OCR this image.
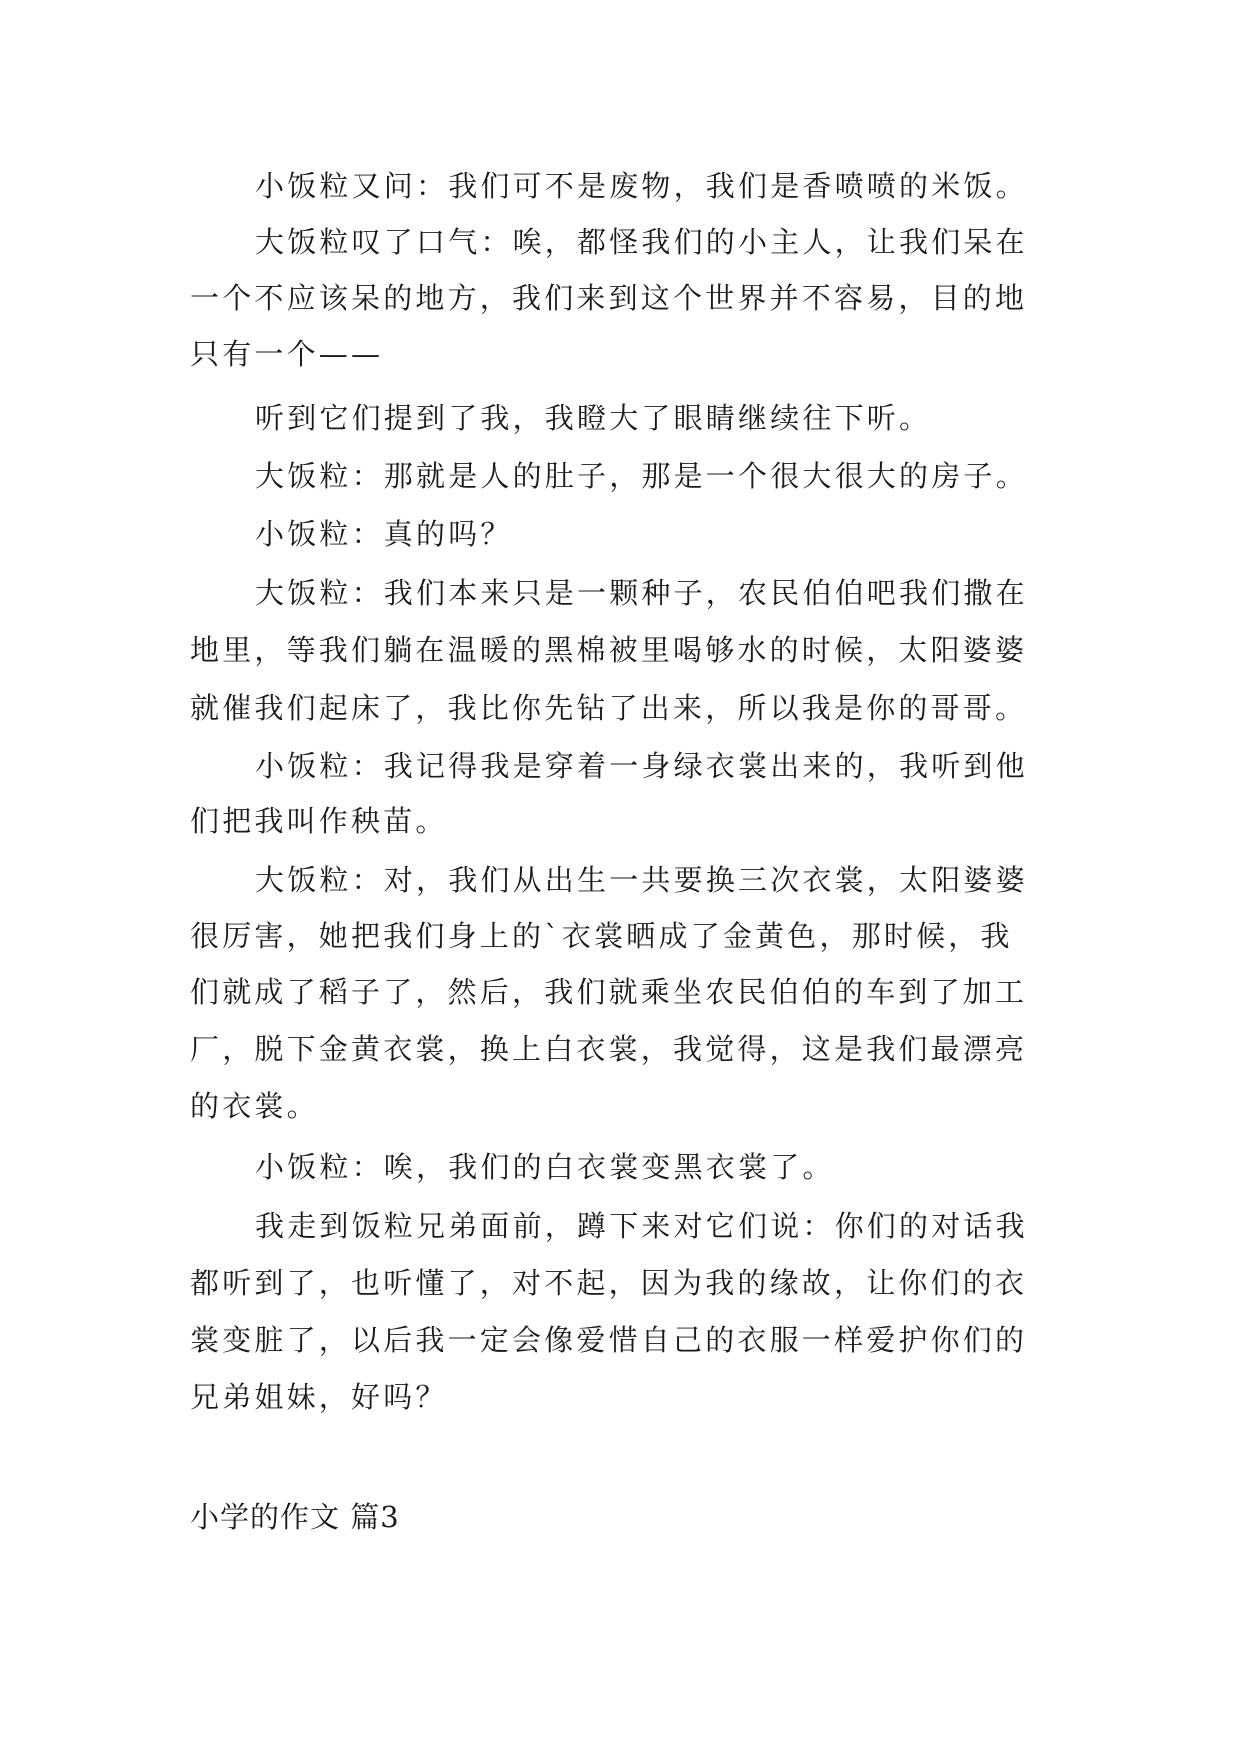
小饭粒又问：我们可不是废物，我们是香喷喷的米饭。
大饭粒叹了口气：唉，都怪我们的小主人，让我们呆在
一个不应该呆的地方，我们来到这个世界并不容易，目的地
只有一个——
听到它们提到了我，我瞪大了眼睛继续往下听。
大饭粒：那就是人的肚子，那是一个很大很大的房子。
小饭粒：真的吗？
大饭粒：我们本来只是一颗种子，农民伯伯吧我们撒在
地里，等我们躺在温暖的黑棉被里喝够水的时候，太阳婆婆
就催我们起床了，我比你先钻了出来，所以我是你的哥哥。
小饭粒：我记得我是穿着一身绿衣裳出来的，我听到他
们把我叫作秧苗。
大饭粒：对，我们从出生一共要换三次衣裳，太阳婆婆
很厉害，她把我们身上的`衣裳晒成了金黄色，那时候，我
们就成了稻子了，然后，我们就乘坐农民伯伯的车到了加工
厂，脱下金黄衣裳，换上白衣裳，我觉得，这是我们最漂亮
的衣裳。
小饭粒：唉，我们的白衣裳变黑衣裳了。
我走到饭粒兄弟面前，蹲下来对它们说：你们的对话我
都听到了，也听懂了，对不起，因为我的缘故，让你们的衣
裳变脏了，以后我一定会像爱惜自己的衣服一样爱护你们的
兄弟姐妹，好吗？
小学的作文 篇3
